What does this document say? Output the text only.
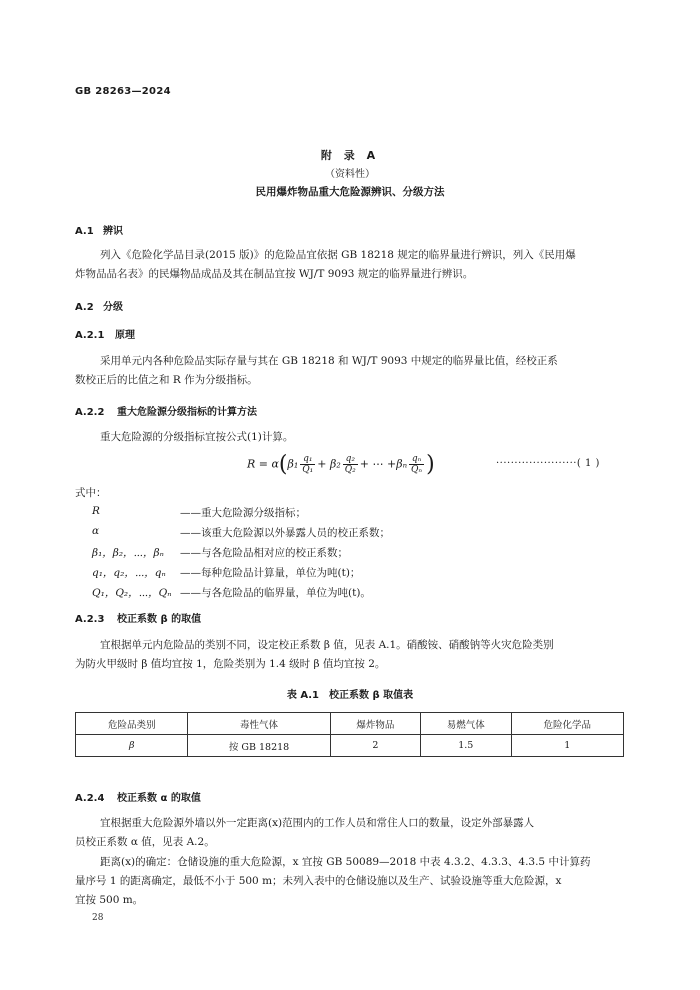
GB 28263—2024
附 录 A
（资料性）
民用爆炸物品重大危险源辨识、分级方法
A.1 辨识
列入《危险化学品目录(2015 版)》的危险品宜依据 GB 18218 规定的临界量进行辨识，列入《民用爆
炸物品品名表》的民爆物品成品及其在制品宜按 WJ/T 9093 规定的临界量进行辨识。
A.2 分级
A.2.1 原理
采用单元内各种危险品实际存量与其在 GB 18218 和 WJ/T 9093 中规定的临界量比值，经校正系
数校正后的比值之和 R 作为分级指标。
A.2.2 重大危险源分级指标的计算方法
重大危险源的分级指标宜按公式(1)计算。
$R = \alpha(\beta_1 \frac{\text{q₁}}{\text{Q₁}} + \beta_2 \frac{\text{q₂}}{\text{Q₂}}$ + ⋯ $+\beta_n \frac{\text{qₙ}}{\text{Qₙ}}$ )	······················( 1 )
式中：
R	——重大危险源分级指标；
α	——该重大危险源以外暴露人员的校正系数；
β₁，β₂，⋯，βₙ ——与各危险品相对应的校正系数；
q₁，q₂，⋯，qₙ ——每种危险品计算量，单位为吨(t)；
Q₁，Q₂，⋯，Qₙ ——与各危险品的临界量，单位为吨(t)。
A.2.3 校正系数 β 的取值
宜根据单元内危险品的类别不同，设定校正系数 β 值，见表 A.1。硝酸铵、硝酸钠等火灾危险类别
为防火甲级时 β 值均宜按 1，危险类别为 1.4 级时 β 值均宜按 2。
表 A.1　校正系数 β 取值表
危险品类别	毒性气体	爆炸物品	易燃气体	危险化学品
β	按 GB 18218	2	1.5	1
A.2.4 校正系数 α 的取值
宜根据重大危险源外墙以外一定距离(x)范围内的工作人员和常住人口的数量，设定外部暴露人
员校正系数 α 值，见表 A.2。
距离(x)的确定：仓储设施的重大危险源，x 宜按 GB 50089—2018 中表 4.3.2、4.3.3、4.3.5 中计算药
量序号 1 的距离确定，最低不小于 500 m；未列入表中的仓储设施以及生产、试验设施等重大危险源，x
宜按 500 m。
28
